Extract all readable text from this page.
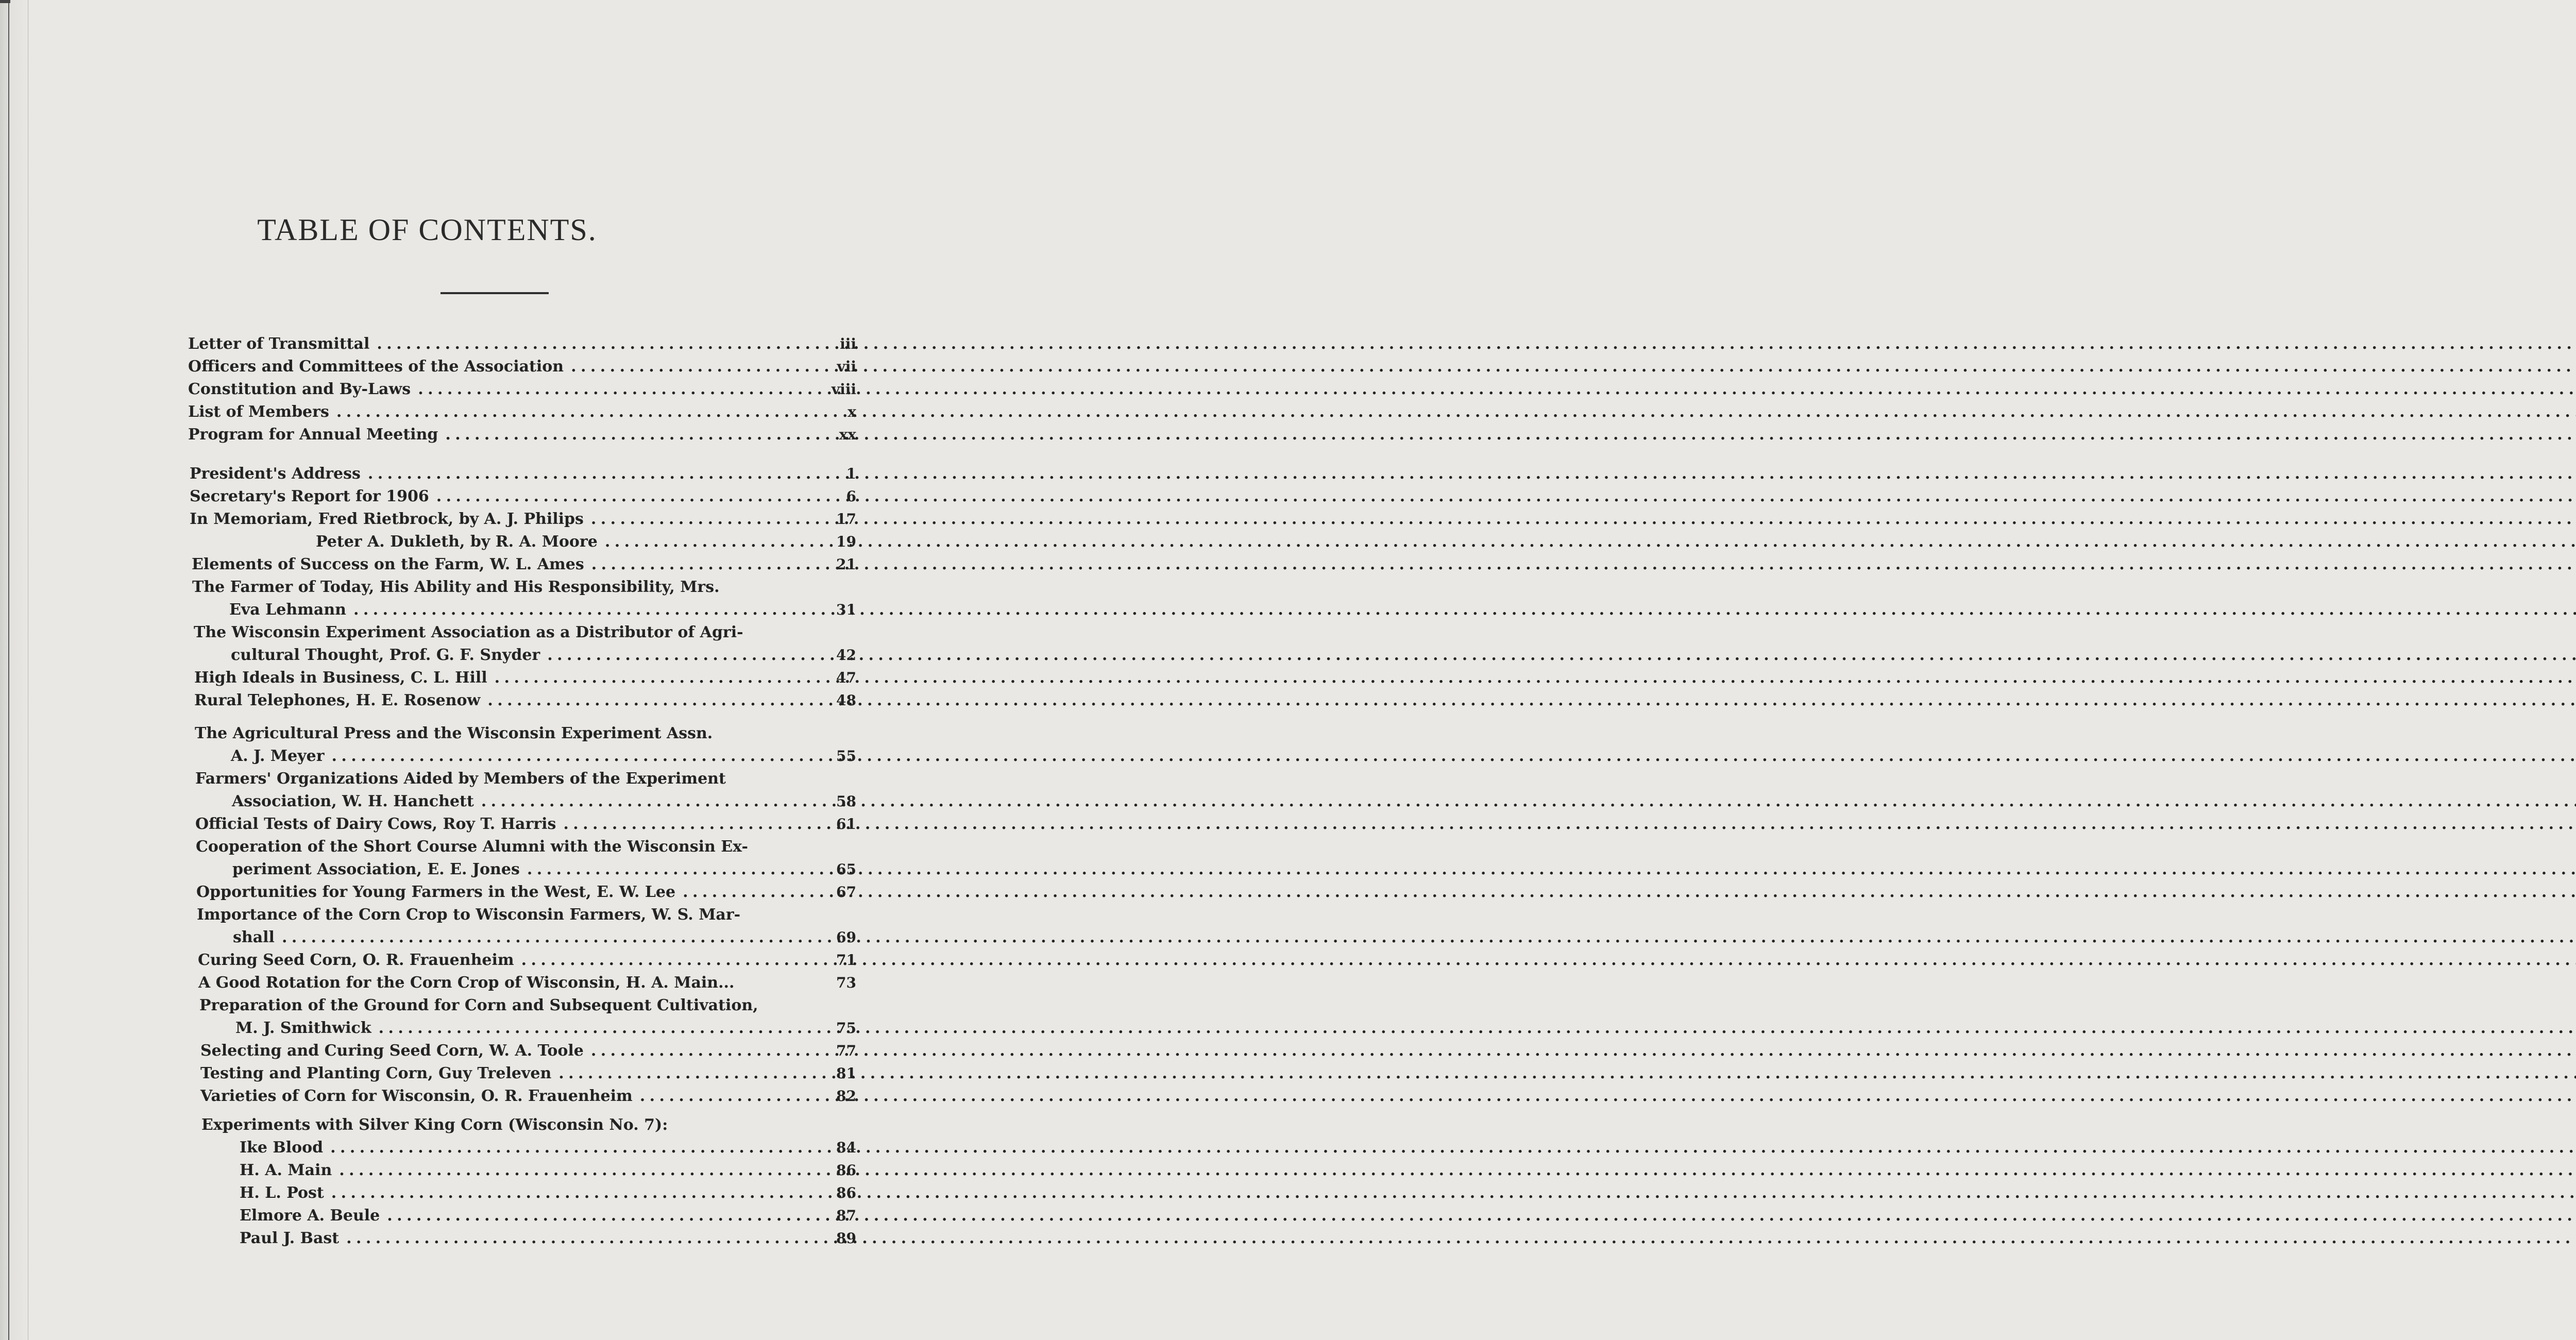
TABLE OF CONTENTS.
Letter of Transmittal . . .	iii
Officers and Committees of the Association . . .	vii
Constitution and By-Laws . . .	viii
List of Members . . .	x
Program for Annual Meeting . . .	xx
President's Address . . .	1
Secretary's Report for 1906 . . .	6
In Memoriam, Fred Rietbrock, by A. J. Philips . . .	17
Peter A. Dukleth, by R. A. Moore . . .	19
Elements of Success on the Farm, W. L. Ames . . .	21
The Farmer of Today, His Ability and His Responsibility, Mrs.
Eva Lehmann . . .	31
The Wisconsin Experiment Association as a Distributor of Agri-
cultural Thought, Prof. G. F. Snyder . . .	42
High Ideals in Business, C. L. Hill . . .	47
Rural Telephones, H. E. Rosenow . . .	48
The Agricultural Press and the Wisconsin Experiment Assn.
A. J. Meyer . . .	55
Farmers' Organizations Aided by Members of the Experiment
Association, W. H. Hanchett . . .	58
Official Tests of Dairy Cows, Roy T. Harris . . .	61
Cooperation of the Short Course Alumni with the Wisconsin Ex-
periment Association, E. E. Jones . . .	65
Opportunities for Young Farmers in the West, E. W. Lee . . .	67
Importance of the Corn Crop to Wisconsin Farmers, W. S. Mar-
shall . . .	69
Curing Seed Corn, O. R. Frauenheim . . .	71
A Good Rotation for the Corn Crop of Wisconsin, H. A. Main...	73
Preparation of the Ground for Corn and Subsequent Cultivation,
M. J. Smithwick . . .	75
Selecting and Curing Seed Corn, W. A. Toole . . .	77
Testing and Planting Corn, Guy Treleven . . .	81
Varieties of Corn for Wisconsin, O. R. Frauenheim . . .	82
Experiments with Silver King Corn (Wisconsin No. 7):
Ike Blood . . .	84
H. A. Main . . .	86
H. L. Post . . .	86
Elmore A. Beule . . .	87
Paul J. Bast . . .	89
